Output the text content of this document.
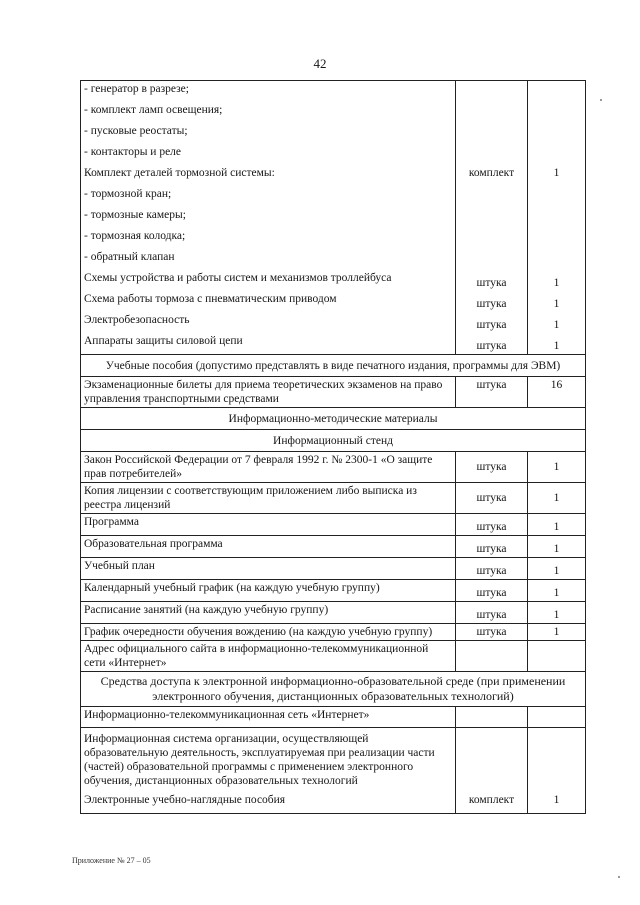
42
- генератор в разрезе;		
- комплект ламп освещения;		
- пусковые реостаты;		
- контакторы и реле		
Комплект деталей тормозной системы:	комплект	1
- тормозной кран;		
- тормозные камеры;		
- тормозная колодка;		
- обратный клапан		
Схемы устройства и работы систем и механизмов троллейбуса	штука	1
Схема работы тормоза с пневматическим приводом	штука	1
Электробезопасность	штука	1
Аппараты защиты силовой цепи	штука	1
Учебные пособия (допустимо представлять в виде печатного издания, программы для ЭВМ)		
Экзаменационные билеты для приема теоретических экзаменов на право управления транспортными средствами	штука	16
Информационно-методические материалы		
Информационный стенд		
Закон Российской Федерации от 7 февраля 1992 г. № 2300-1 «О защите прав потребителей»	штука	1
Копия лицензии с соответствующим приложением либо выписка из реестра лицензий	штука	1
Программа	штука	1
Образовательная программа	штука	1
Учебный план	штука	1
Календарный учебный график (на каждую учебную группу)	штука	1
Расписание занятий (на каждую учебную группу)	штука	1
График очередности обучения вождению (на каждую учебную группу)	штука	1
Адрес официального сайта в информационно-телекоммуникационной сети «Интернет»		
Средства доступа к электронной информационно-образовательной среде (при применении электронного обучения, дистанционных образовательных технологий)		
Информационно-телекоммуникационная сеть «Интернет»		
Информационная система организации, осуществляющей образовательную деятельность, эксплуатируемая при реализации части (частей) образовательной программы с применением электронного обучения, дистанционных образовательных технологий		
Электронные учебно-наглядные пособия	комплект	1
Приложение № 27 – 05
